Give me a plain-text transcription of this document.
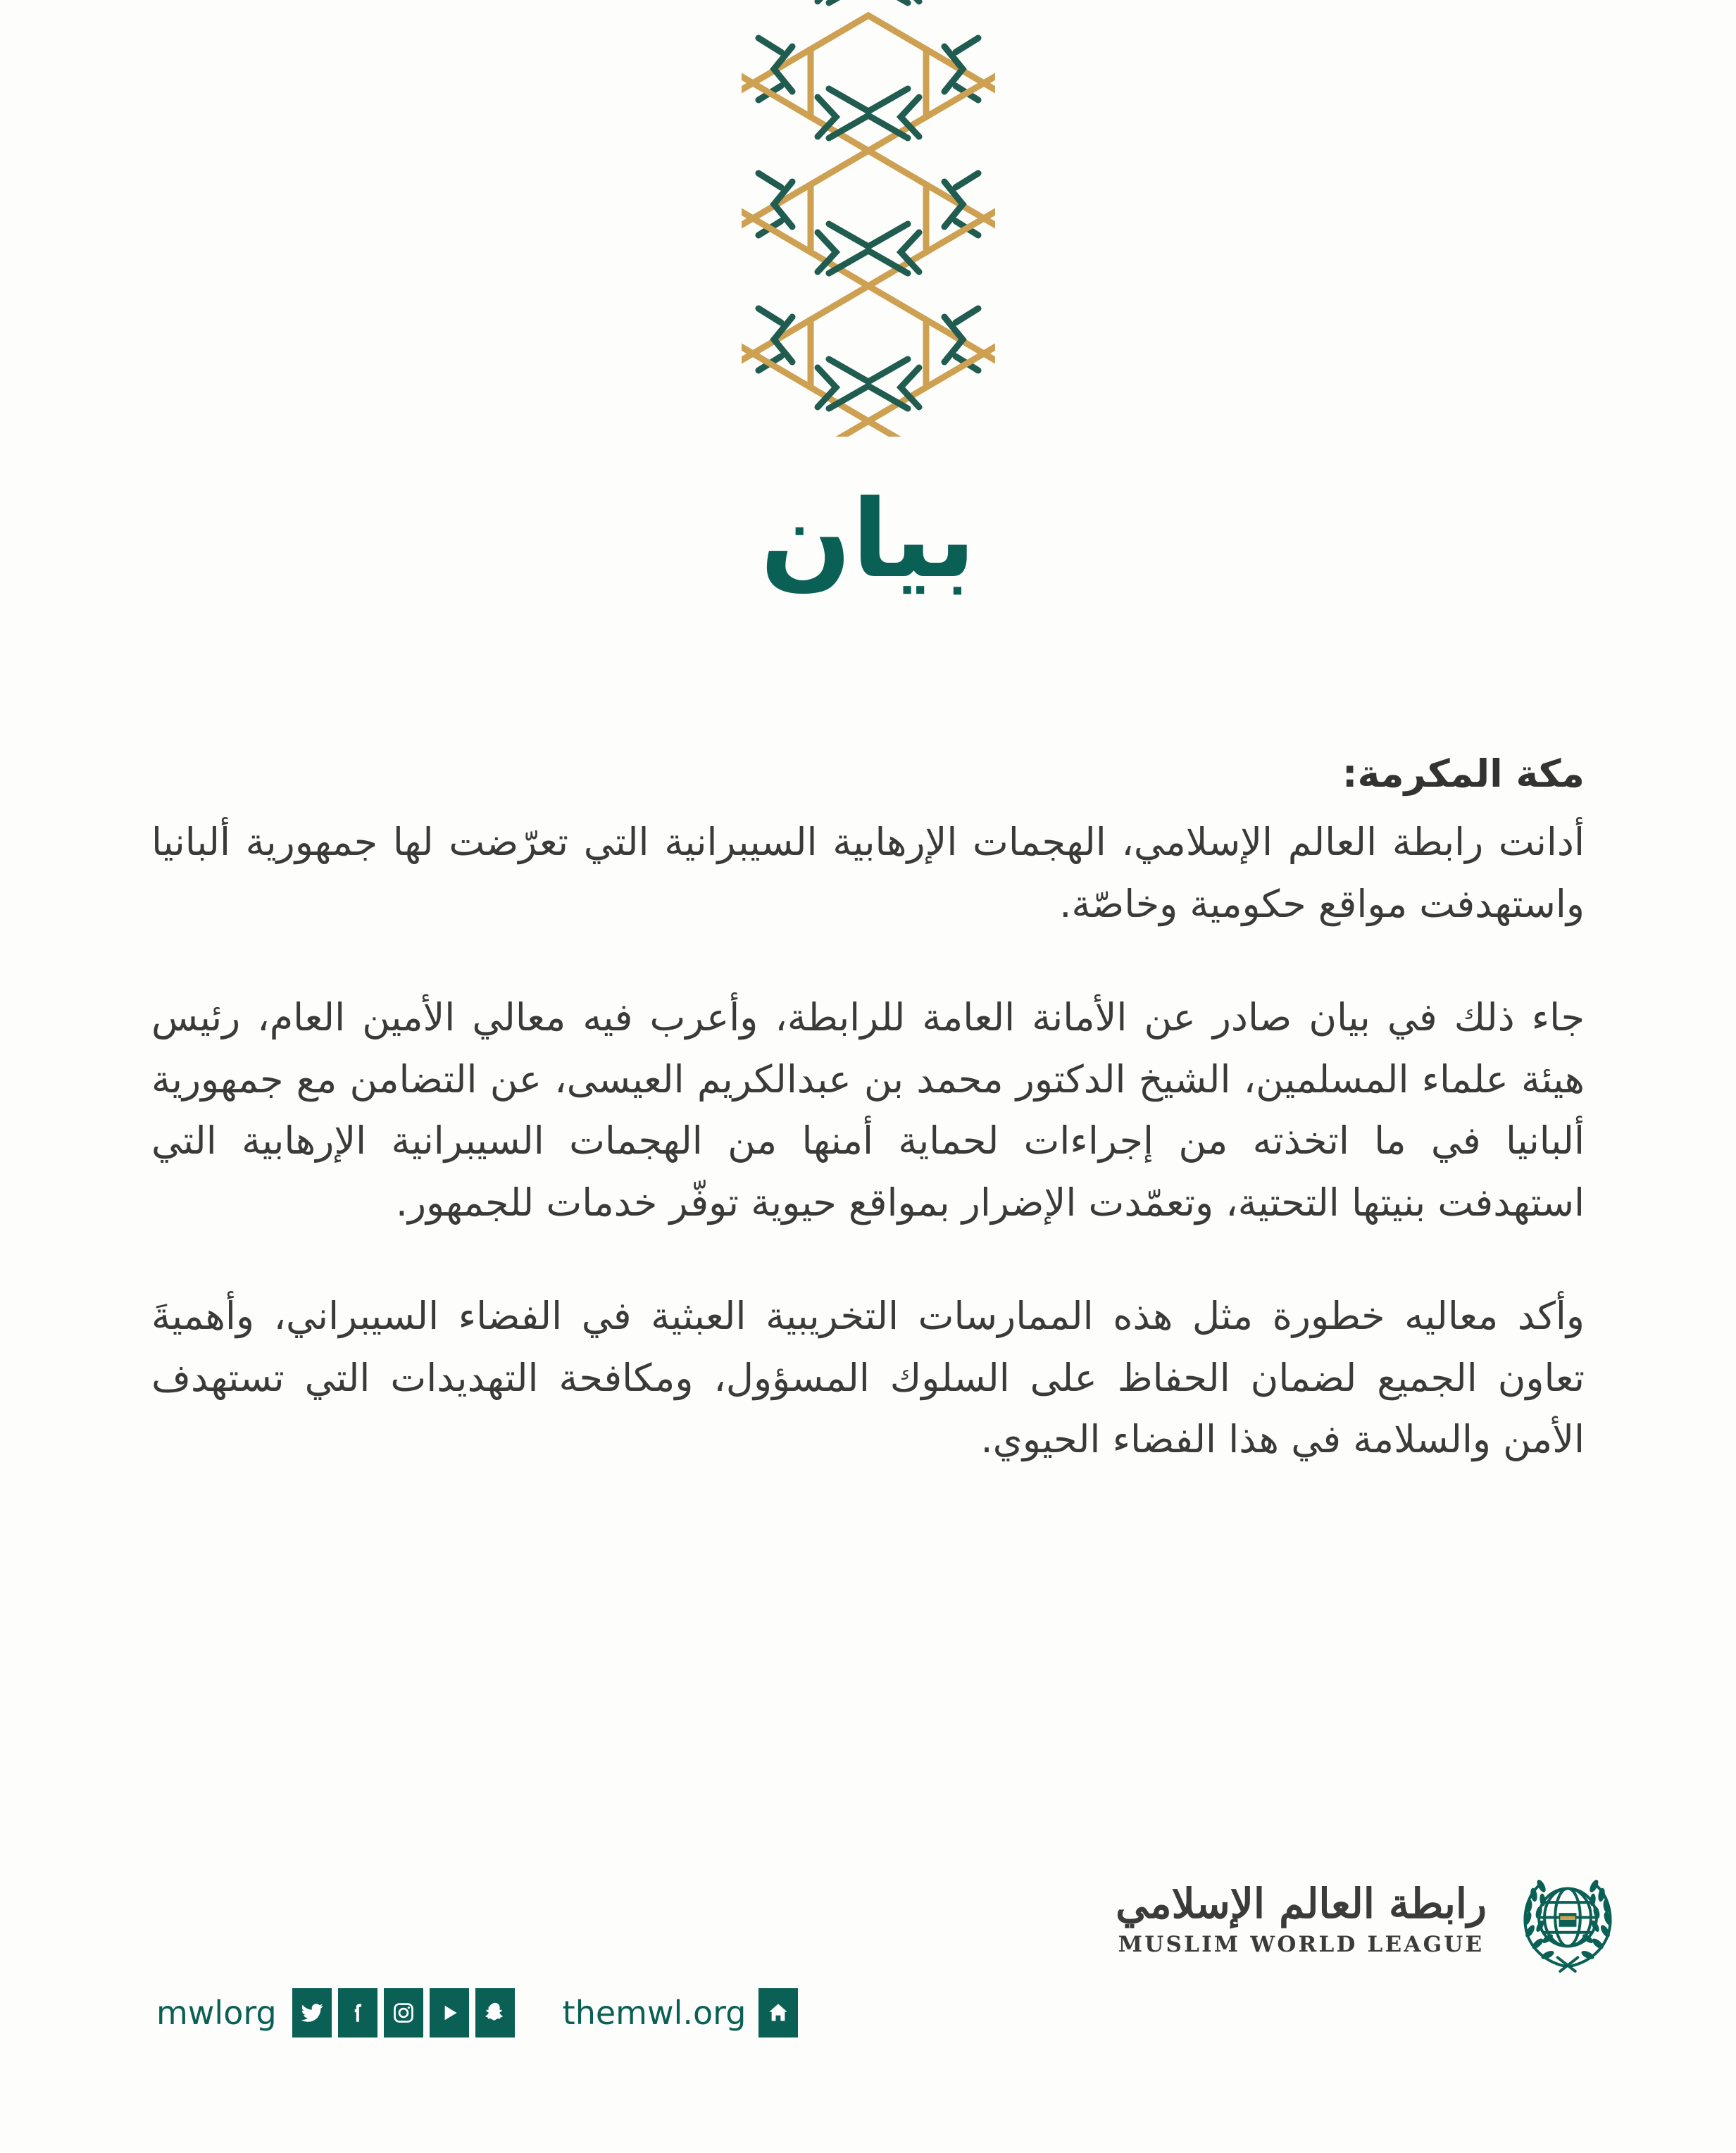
بيان

مكة المكرمة:

أدانت رابطة العالم الإسلامي، الهجمات الإرهابية السيبرانية التي تعرّضت لها جمهورية ألبانيا واستهدفت مواقع حكومية وخاصّة.

جاء ذلك في بيان صادر عن الأمانة العامة للرابطة، وأعرب فيه معالي الأمين العام، رئيس هيئة علماء المسلمين، الشيخ الدكتور محمد بن عبدالكريم العيسى، عن التضامن مع جمهورية ألبانيا في ما اتخذته من إجراءات لحماية أمنها من الهجمات السيبرانية الإرهابية التي استهدفت بنيتها التحتية، وتعمّدت الإضرار بمواقع حيوية توفّر خدمات للجمهور.

وأكد معاليه خطورة مثل هذه الممارسات التخريبية العبثية في الفضاء السيبراني، وأهميةَ تعاون الجميع لضمان الحفاظ على السلوك المسؤول، ومكافحة التهديدات التي تستهدف الأمن والسلامة في هذا الفضاء الحيوي.

رابطة العالم الإسلامي
MUSLIM WORLD LEAGUE
mwlorg	themwl.org
